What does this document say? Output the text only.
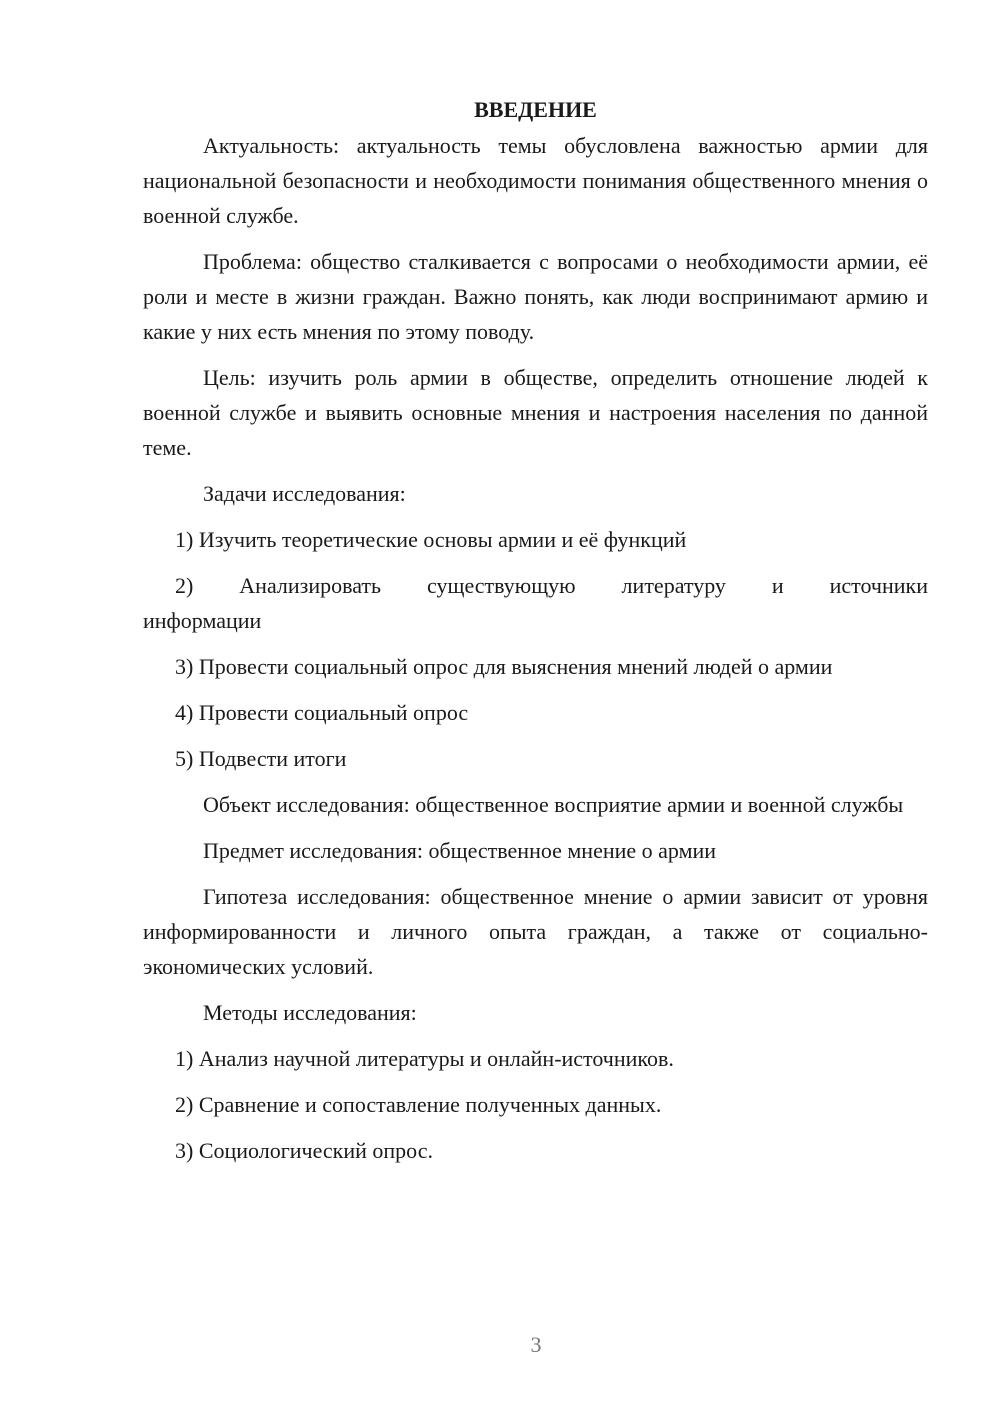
ВВЕДЕНИЕ

Актуальность: актуальность темы обусловлена важностью армии для национальной безопасности и необходимости понимания общественного мнения о военной службе.

Проблема: общество сталкивается с вопросами о необходимости армии, её роли и месте в жизни граждан. Важно понять, как люди воспринимают армию и какие у них есть мнения по этому поводу.

Цель: изучить роль армии в обществе, определить отношение людей к военной службе и выявить основные мнения и настроения населения по данной теме.

Задачи исследования:

1) Изучить теоретические основы армии и её функций

2) Анализировать существующую литературу и источники информации

3) Провести социальный опрос для выяснения мнений людей о армии

4) Провести социальный опрос

5) Подвести итоги

Объект исследования: общественное восприятие армии и военной службы

Предмет исследования: общественное мнение о армии

Гипотеза исследования: общественное мнение о армии зависит от уровня информированности и личного опыта граждан, а также от социально-экономических условий.

Методы исследования:

1) Анализ научной литературы и онлайн-источников.

2) Сравнение и сопоставление полученных данных.

3) Социологический опрос.

3
